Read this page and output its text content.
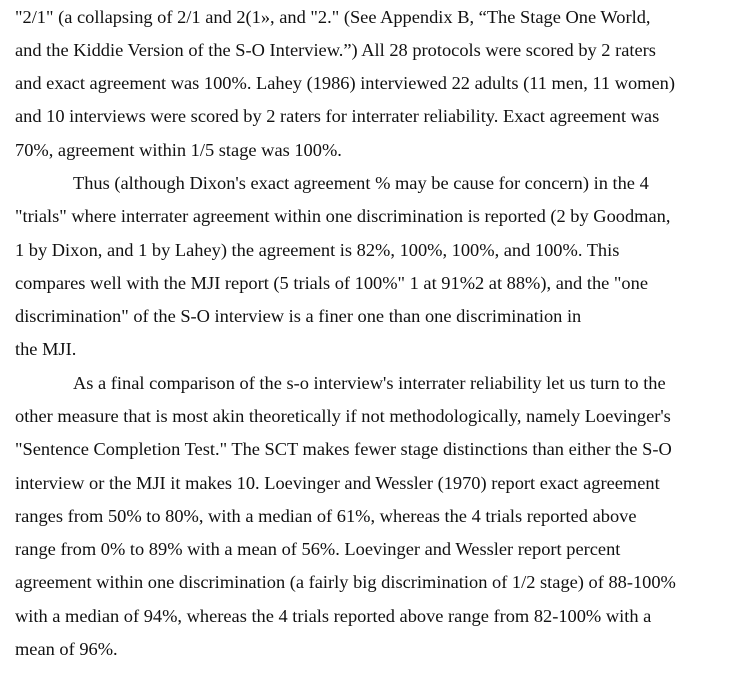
"2/1" (a collapsing of 2/1 and 2(1», and "2." (See Appendix B, “The Stage One World,
and the Kiddie Version of the S-O Interview.”) All 28 protocols were scored by 2 raters
and exact agreement was 100%. Lahey (1986) interviewed 22 adults (11 men, 11 women)
and 10 interviews were scored by 2 raters for interrater reliability. Exact agreement was
70%, agreement within 1/5 stage was 100%.
Thus (although Dixon's exact agreement % may be cause for concern) in the 4
"trials" where interrater agreement within one discrimination is reported (2 by Goodman,
1 by Dixon, and 1 by Lahey) the agreement is 82%, 100%, 100%, and 100%. This
compares well with the MJI report (5 trials of 100%" 1 at 91%2 at 88%), and the "one
discrimination" of the S-O interview is a finer one than one discrimination in
the MJI.
As a final comparison of the s-o interview's interrater reliability let us turn to the
other measure that is most akin theoretically if not methodologically, namely Loevinger's
"Sentence Completion Test." The SCT makes fewer stage distinctions than either the S-O
interview or the MJI it makes 10. Loevinger and Wessler (1970) report exact agreement
ranges from 50% to 80%, with a median of 61%, whereas the 4 trials reported above
range from 0% to 89% with a mean of 56%. Loevinger and Wessler report percent
agreement within one discrimination (a fairly big discrimination of 1/2 stage) of 88-100%
with a median of 94%, whereas the 4 trials reported above range from 82-100% with a
mean of 96%.
